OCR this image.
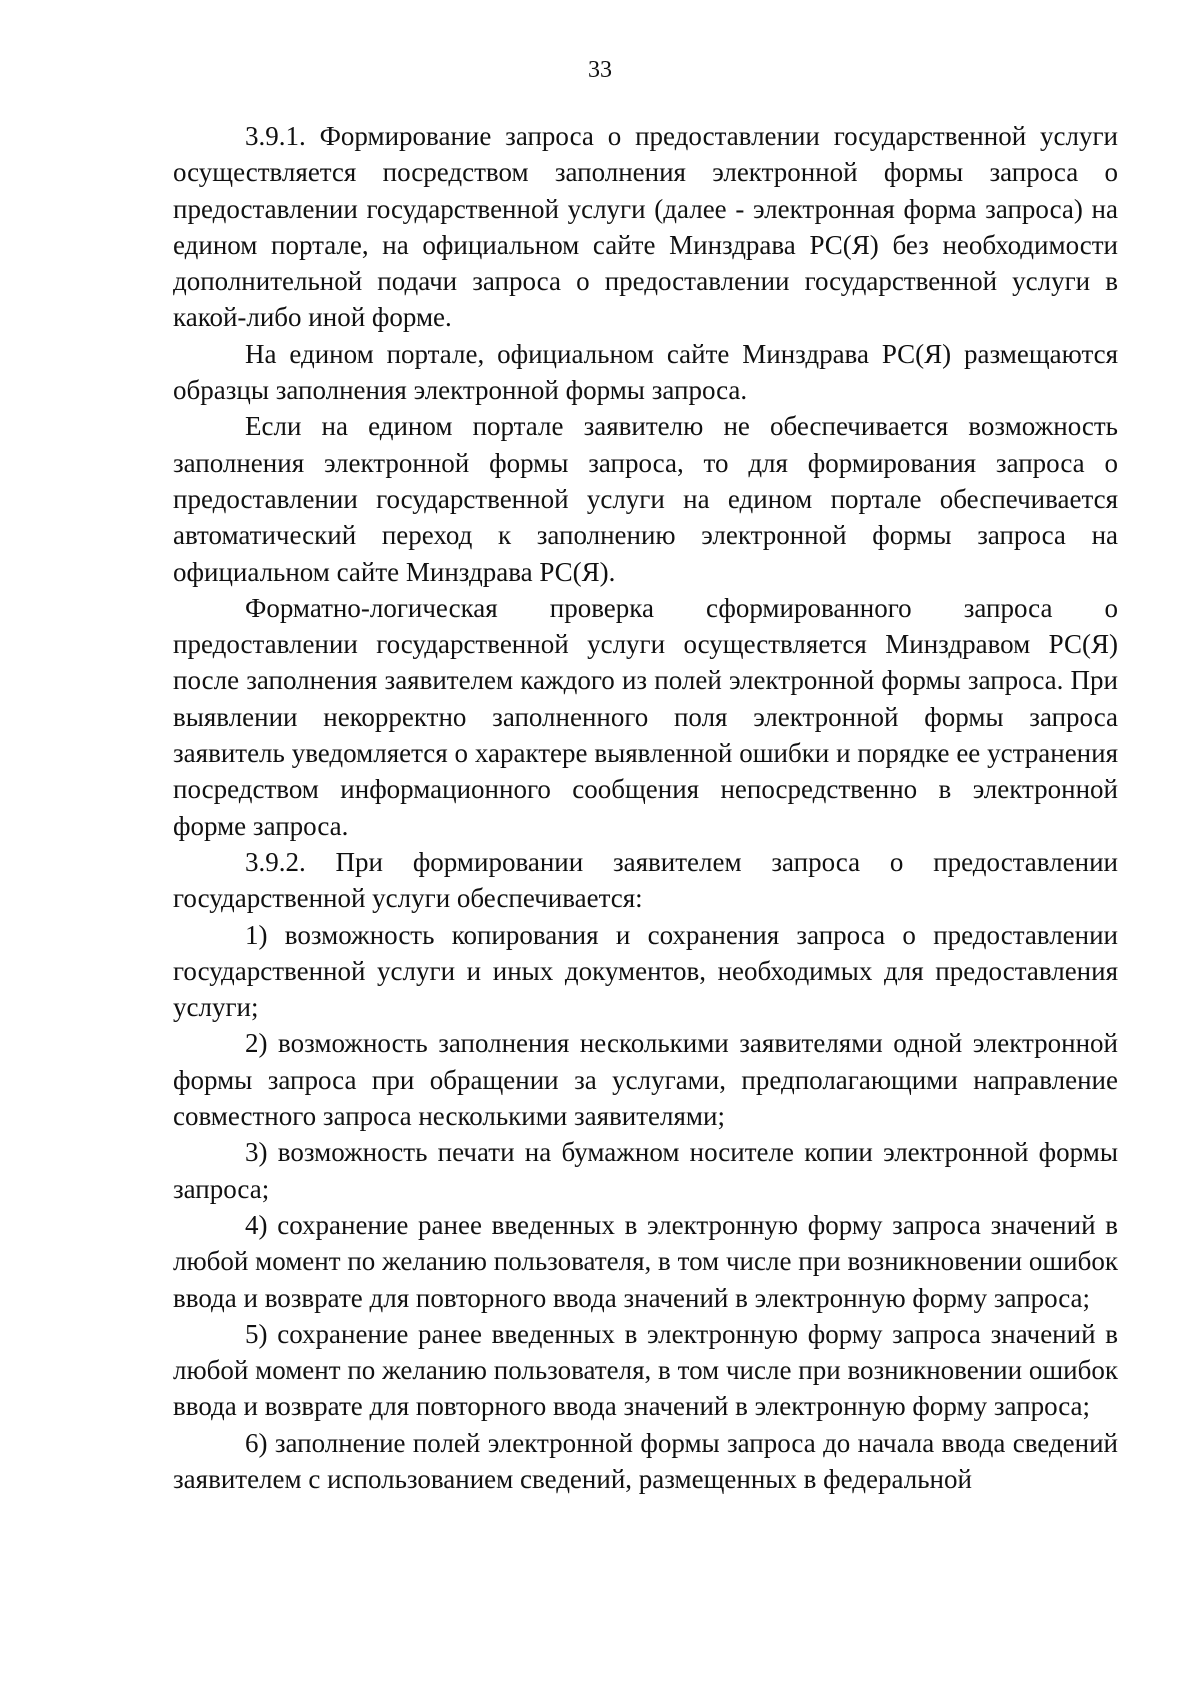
33

3.9.1. Формирование запроса о предоставлении государственной услуги осуществляется посредством заполнения электронной формы запроса о предоставлении государственной услуги (далее - электронная форма запроса) на едином портале, на официальном сайте Минздрава РС(Я) без необходимости дополнительной подачи запроса о предоставлении государственной услуги в какой-либо иной форме.

На едином портале, официальном сайте Минздрава РС(Я) размещаются образцы заполнения электронной формы запроса.

Если на едином портале заявителю не обеспечивается возможность заполнения электронной формы запроса, то для формирования запроса о предоставлении государственной услуги на едином портале обеспечивается автоматический переход к заполнению электронной формы запроса на официальном сайте Минздрава РС(Я).

Форматно-логическая проверка сформированного запроса о предоставлении государственной услуги осуществляется Минздравом РС(Я) после заполнения заявителем каждого из полей электронной формы запроса. При выявлении некорректно заполненного поля электронной формы запроса заявитель уведомляется о характере выявленной ошибки и порядке ее устранения посредством информационного сообщения непосредственно в электронной форме запроса.

3.9.2. При формировании заявителем запроса о предоставлении государственной услуги обеспечивается:

1) возможность копирования и сохранения запроса о предоставлении государственной услуги и иных документов, необходимых для предоставления услуги;

2) возможность заполнения несколькими заявителями одной электронной формы запроса при обращении за услугами, предполагающими направление совместного запроса несколькими заявителями;

3) возможность печати на бумажном носителе копии электронной формы запроса;

4) сохранение ранее введенных в электронную форму запроса значений в любой момент по желанию пользователя, в том числе при возникновении ошибок ввода и возврате для повторного ввода значений в электронную форму запроса;

5) сохранение ранее введенных в электронную форму запроса значений в любой момент по желанию пользователя, в том числе при возникновении ошибок ввода и возврате для повторного ввода значений в электронную форму запроса;

6) заполнение полей электронной формы запроса до начала ввода сведений заявителем с использованием сведений, размещенных в федеральной
